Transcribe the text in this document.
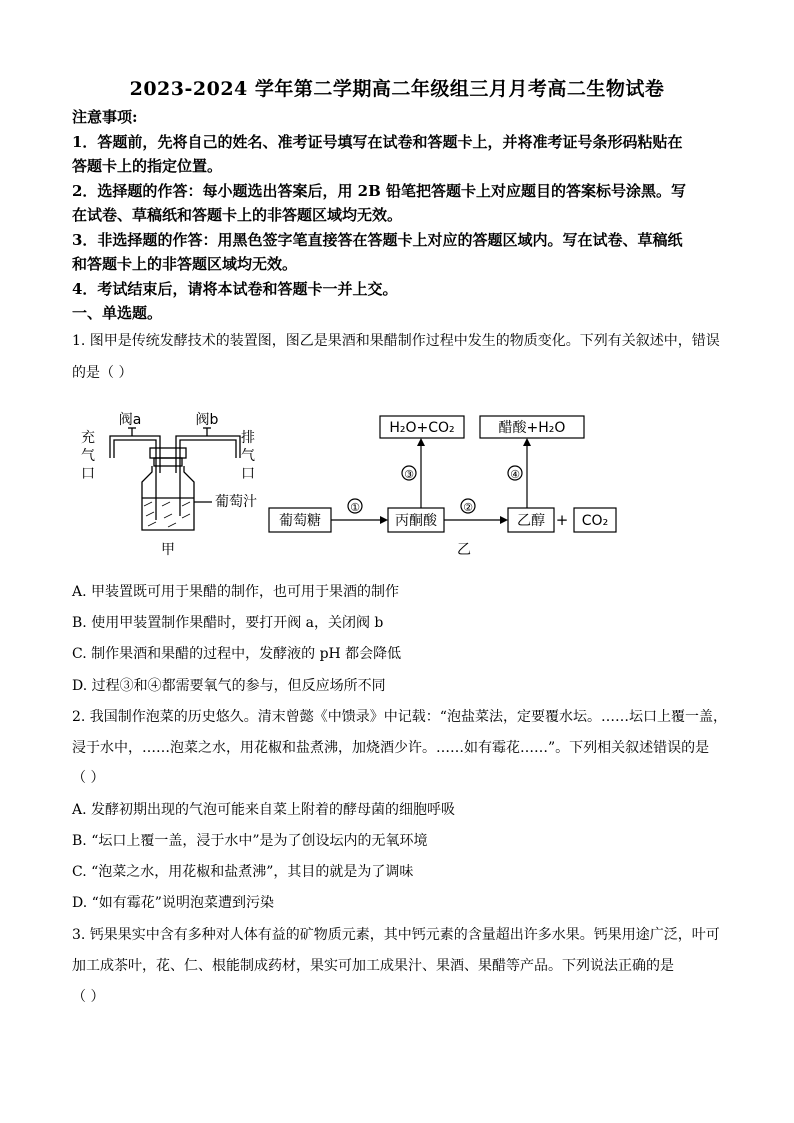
2023-2024 学年第二学期高二年级组三月月考高二生物试卷
注意事项:
1．答题前，先将自己的姓名、准考证号填写在试卷和答题卡上，并将准考证号条形码粘贴在
答题卡上的指定位置。
2．选择题的作答：每小题选出答案后，用 2B 铅笔把答题卡上对应题目的答案标号涂黑。写
在试卷、草稿纸和答题卡上的非答题区域均无效。
3．非选择题的作答：用黑色签字笔直接答在答题卡上对应的答题区域内。写在试卷、草稿纸
和答题卡上的非答题区域均无效。
4．考试结束后，请将本试卷和答题卡一并上交。
一、单选题。
1. 图甲是传统发酵技术的装置图，图乙是果酒和果醋制作过程中发生的物质变化。下列有关叙述中，错误
的是（ ）
阀a	阀b
充
气
口
排
气
口
葡萄汁
甲
葡萄糖	丙酮酸	乙醇 + CO₂
H₂O+CO₂	醋酸+H₂O
①	②
③	④
乙
A. 甲装置既可用于果醋的制作，也可用于果酒的制作
B. 使用甲装置制作果醋时，要打开阀 a，关闭阀 b
C. 制作果酒和果醋的过程中，发酵液的 pH 都会降低
D. 过程③和④都需要氧气的参与，但反应场所不同
2. 我国制作泡菜的历史悠久。清末曾懿《中馈录》中记载：“泡盐菜法，定要覆水坛。……坛口上覆一盖，
浸于水中，……泡菜之水，用花椒和盐煮沸，加烧酒少许。……如有霉花……”。下列相关叙述错误的是
（ ）
A. 发酵初期出现的气泡可能来自菜上附着的酵母菌的细胞呼吸
B. “坛口上覆一盖，浸于水中”是为了创设坛内的无氧环境
C. “泡菜之水，用花椒和盐煮沸”，其目的就是为了调味
D. “如有霉花”说明泡菜遭到污染
3. 钙果果实中含有多种对人体有益的矿物质元素，其中钙元素的含量超出许多水果。钙果用途广泛，叶可
加工成茶叶，花、仁、根能制成药材，果实可加工成果汁、果酒、果醋等产品。下列说法正确的是
（ ）
